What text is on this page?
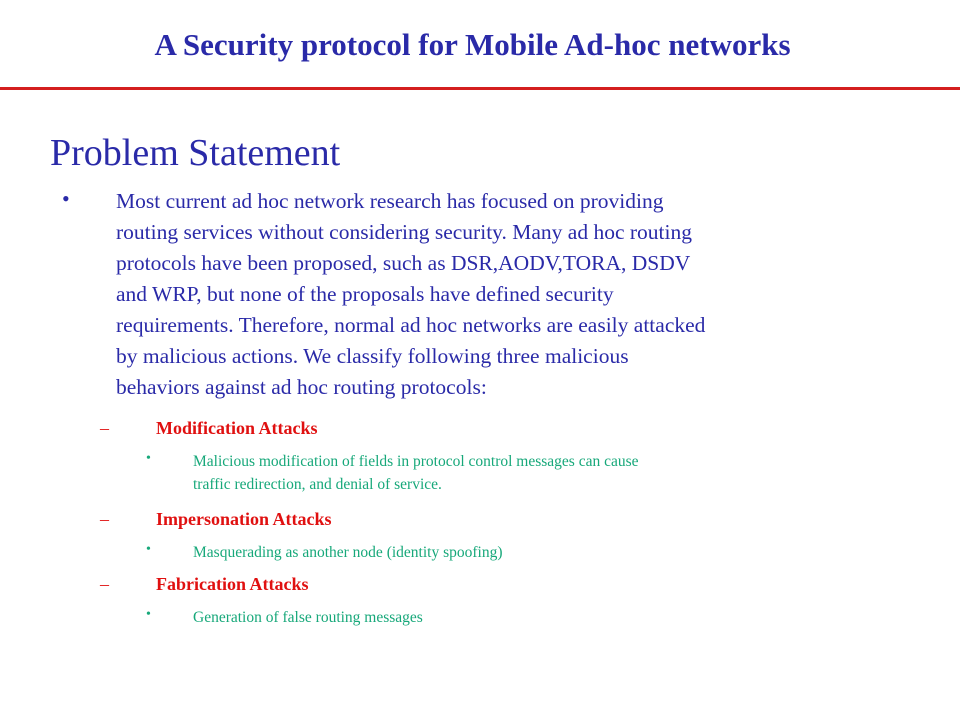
A Security protocol for Mobile Ad-hoc networks
Problem Statement
• Most current ad hoc network research has focused on providing
routing services without considering security. Many ad hoc routing
protocols have been proposed, such as DSR,AODV,TORA, DSDV
and WRP, but none of the proposals have defined security
requirements. Therefore, normal ad hoc networks are easily attacked
by malicious actions. We classify following three malicious
behaviors against ad hoc routing protocols:
–	Modification Attacks
•	Malicious modification of fields in protocol control messages can cause
traffic redirection, and denial of service.
–	Impersonation Attacks
•	Masquerading as another node (identity spoofing)
–	Fabrication Attacks
•	Generation of false routing messages
